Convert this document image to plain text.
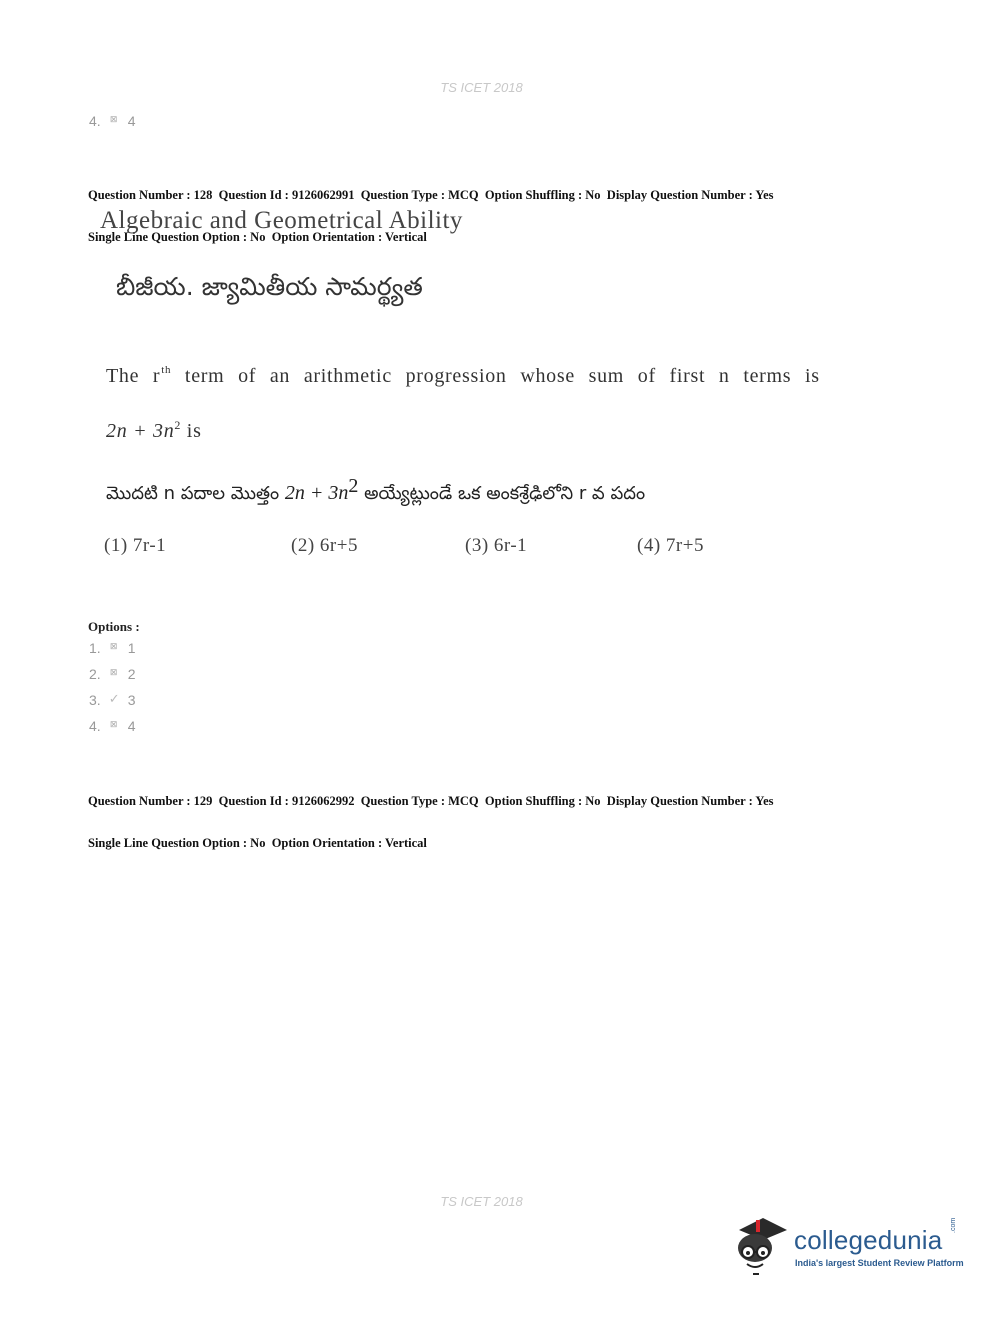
TS ICET 2018
4. ⊠ 4

Question Number : 128  Question Id : 9126062991  Question Type : MCQ  Option Shuffling : No  Display Question Number : Yes

Single Line Question Option : No  Option Orientation : Vertical

Algebraic and Geometrical Ability
బీజీయ. జ్యామితీయ సామర్థ్యత
The $r^{th}$ term of an arithmetic progression whose sum of first n terms is
$2n + 3n^2$ is
మొదటి n పదాల మొత్తం $2n + 3n^2$ అయ్యేట్లుండే ఒక అంకశ్రేఢిలోని r వ పదం
(1) 7r-1	(2) 6r+5	(3) 6r-1	(4) 7r+5
Options :
1. ⊠ 1
2. ⊠ 2
3. ✓ 3
4. ⊠ 4

Question Number : 129  Question Id : 9126062992  Question Type : MCQ  Option Shuffling : No  Display Question Number : Yes

Single Line Question Option : No  Option Orientation : Vertical

TS ICET 2018
collegedunia .com
India's largest Student Review Platform
